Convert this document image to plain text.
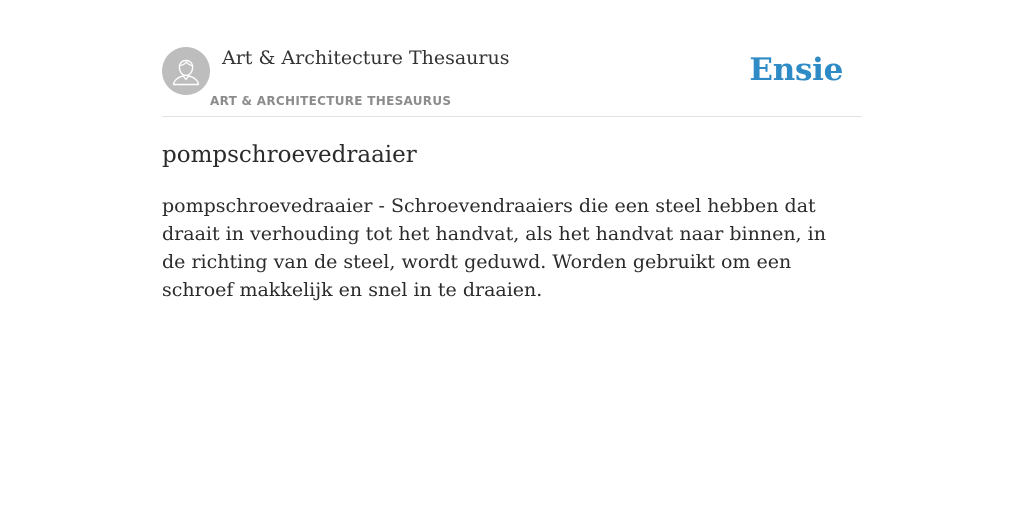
Art & Architecture Thesaurus
ART & ARCHITECTURE THESAURUS
Ensie
pompschroevedraaier

pompschroevedraaier - Schroevendraaiers die een steel hebben dat draait in verhouding tot het handvat, als het handvat naar binnen, in de richting van de steel, wordt geduwd. Worden gebruikt om een schroef makkelijk en snel in te draaien.
